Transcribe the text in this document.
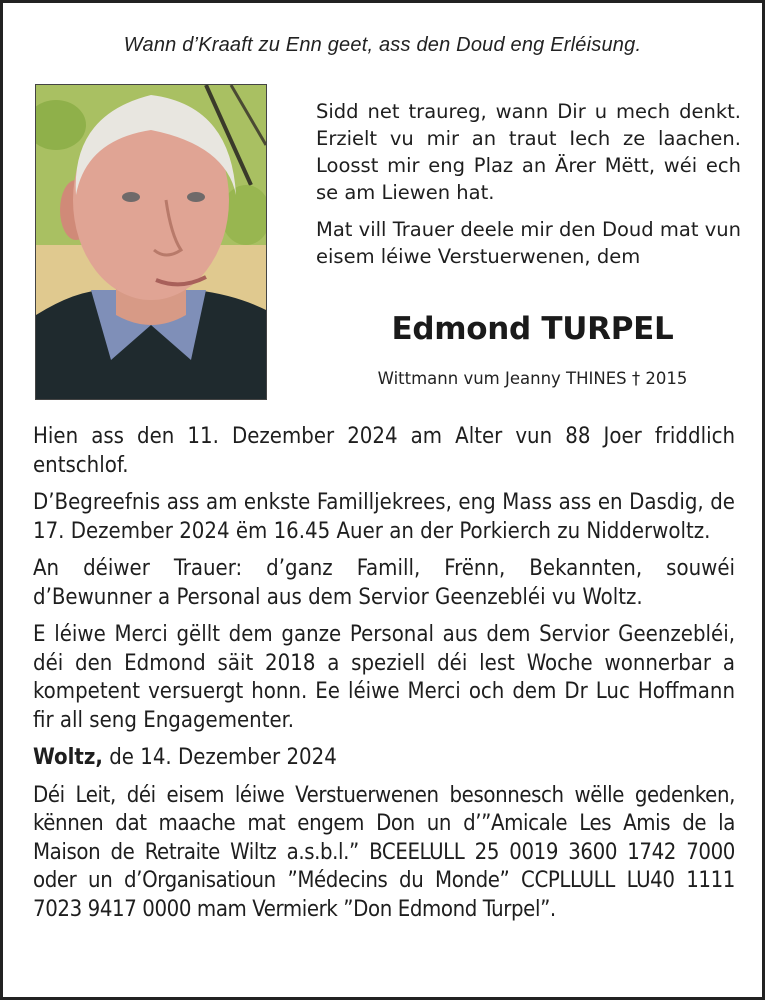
Wann d’Kraaft zu Enn geet, ass den Doud eng Erléisung.

Sidd net traureg, wann Dir u mech denkt. Erzielt vu mir an traut Iech ze laachen. Loosst mir eng Plaz an Ärer Mëtt, wéi ech se am Liewen hat.

Mat vill Trauer deele mir den Doud mat vun eisem léiwe Verstuerwenen, dem

Edmond TURPEL
Wittmann vum Jeanny THINES † 2015

Hien ass den 11. Dezember 2024 am Alter vun 88 Joer friddlich entschlof.

D’Begreefnis ass am enkste Familljekrees, eng Mass ass en Dasdig, de 17. Dezember 2024 ëm 16.45 Auer an der Porkierch zu Nidderwoltz.

An déiwer Trauer: d’ganz Famill, Frënn, Bekannten, souwéi d’Bewunner a Personal aus dem Servior Geenzebléi vu Woltz.

E léiwe Merci gëllt dem ganze Personal aus dem Servior Geenzebléi, déi den Edmond säit 2018 a speziell déi lest Woche wonnerbar a kompetent versuergt honn. Ee léiwe Merci och dem Dr Luc Hoffmann fir all seng Engagementer.

Woltz, de 14. Dezember 2024

Déi Leit, déi eisem léiwe Verstuerwenen besonnesch wëlle gedenken, kënnen dat maache mat engem Don un d’”Amicale Les Amis de la Maison de Retraite Wiltz a.s.b.l.” BCEELULL 25 0019 3600 1742 7000 oder un d’Organisatioun ”Médecins du Monde” CCPLLULL LU40 1111 7023 9417 0000 mam Vermierk ”Don Edmond Turpel”.
